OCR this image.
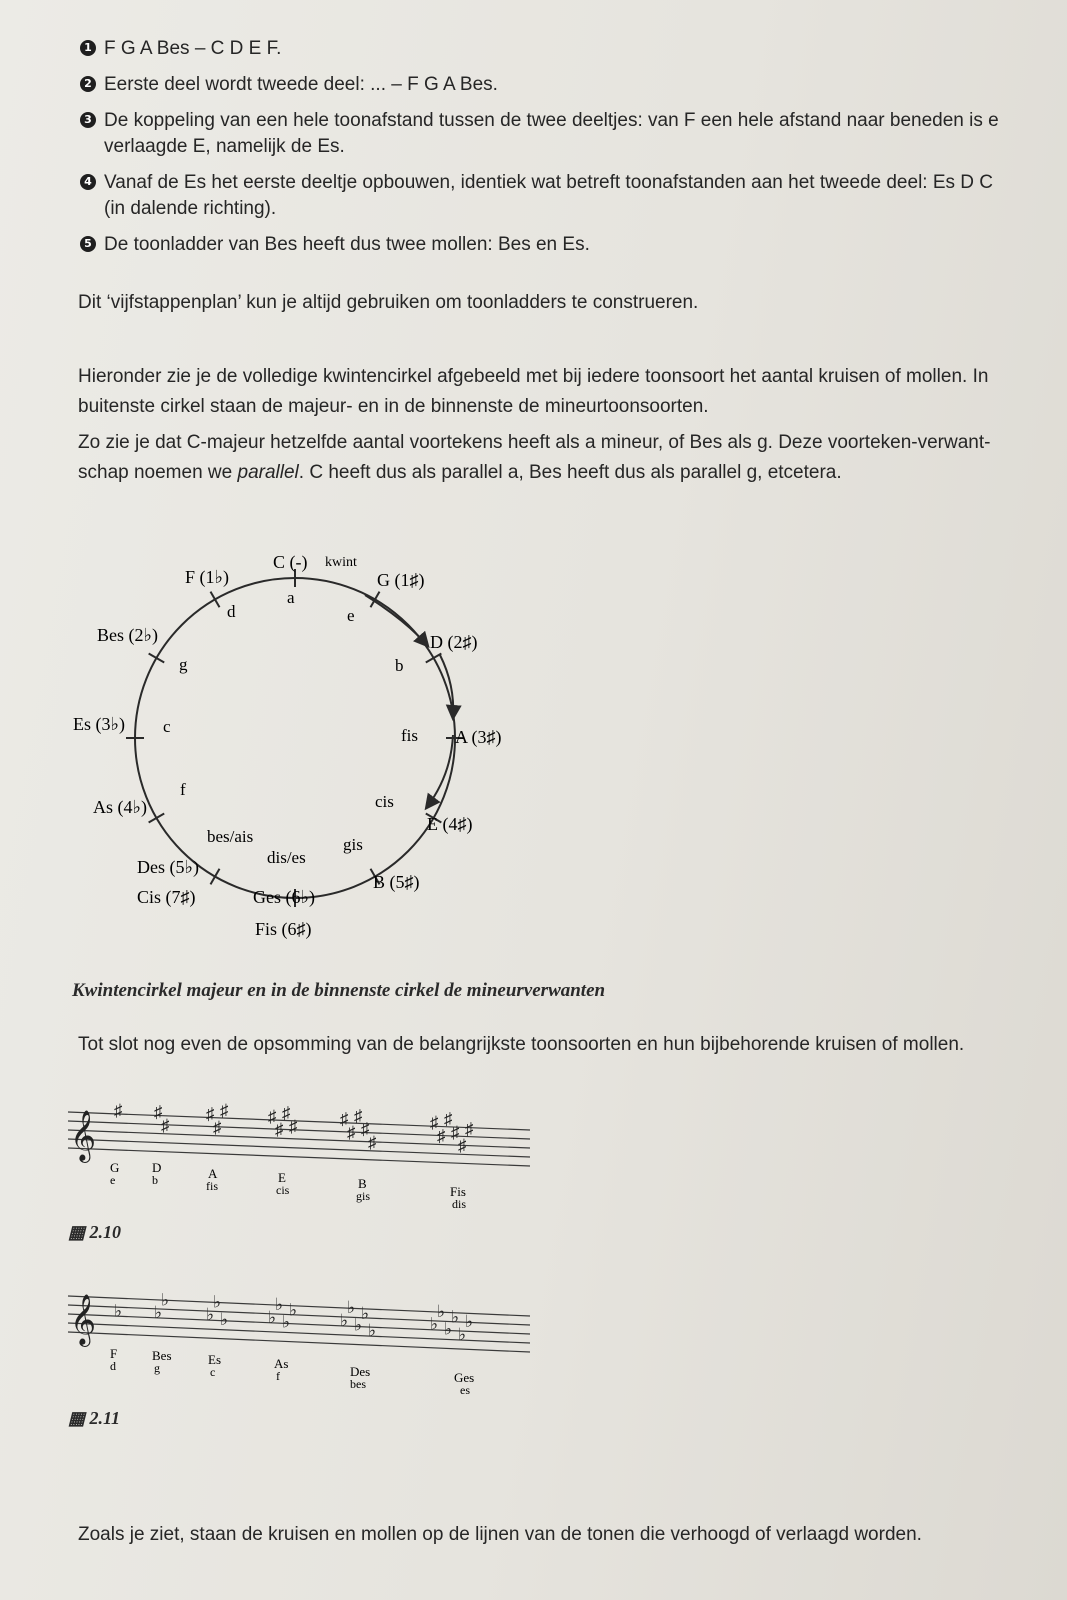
1 F G A Bes – C D E F.
2 Eerste deel wordt tweede deel: ... – F G A Bes.
3 De koppeling van een hele toonafstand tussen de twee deeltjes: van F een hele afstand naar beneden is e
verlaagde E, namelijk de Es.
4 Vanaf de Es het eerste deeltje opbouwen, identiek wat betreft toonafstanden aan het tweede deel: Es D C
(in dalende richting).
5 De toonladder van Bes heeft dus twee mollen: Bes en Es.
Dit ‘vijfstappenplan’ kun je altijd gebruiken om toonladders te construeren.
Hieronder zie je de volledige kwintencirkel afgebeeld met bij iedere toonsoort het aantal kruisen of mollen. In
buitenste cirkel staan de majeur- en in de binnenste de mineurtoonsoorten.
Zo zie je dat C-majeur hetzelfde aantal voortekens heeft als a mineur, of Bes als g. Deze voorteken-verwant-
schap noemen we parallel. C heeft dus als parallel a, Bes heeft dus als parallel g, etcetera.
C (-) kwint
G (1♯)
D (2♯)
A (3♯)
E (4♯)
B (5♯)
Ges (6♭)
Fis (6♯)
Des (5♭)
Cis (7♯)
As (4♭)
Es (3♭)
Bes (2♭)
F (1♭)
a
e
b
fis
cis
gis
dis/es
bes/ais
f
c
g
d
Kwintencirkel majeur en in de binnenste cirkel de mineurverwanten
Tot slot nog even de opsomming van de belangrijkste toonsoorten en hun bijbehorende kruisen of mollen.
𝄞
♯ ♯
♯
♯
♯
♯ ♯
♯
♯
♯	♯
♯
♯
♯
♯
♯
♯
♯
♯
♯
♯
G	D	A	E	B
Fis
e	b	fis	cis	gis
dis
▦ 2.10
𝄞 ♭ ♭
♭
♭
♭
♭ ♭
♭
♭
♭
♭
♭
♭
♭
♭	♭
♭
♭
♭
♭
♭
F	Bes	Es	As
Des	Ges
d	g	c	f
bes	es
▦ 2.11
Zoals je ziet, staan de kruisen en mollen op de lijnen van de tonen die verhoogd of verlaagd worden.
